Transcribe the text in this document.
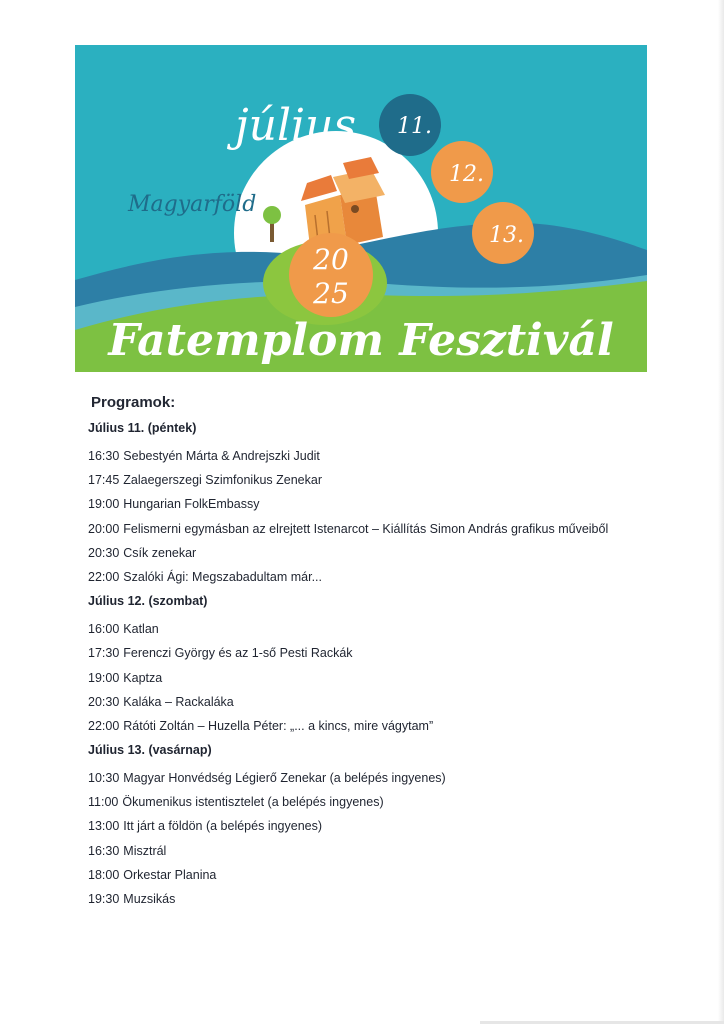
július 11.
12.
13.
Magyarföld
20
25
Fatemplom Fesztivál
Programok:
Július 11. (péntek)
16:30 Sebestyén Márta & Andrejszki Judit
17:45 Zalaegerszegi Szimfonikus Zenekar
19:00 Hungarian FolkEmbassy
20:00 Felismerni egymásban az elrejtett Istenarcot – Kiállítás Simon András grafikus műveiből
20:30 Csík zenekar
22:00 Szalóki Ági: Megszabadultam már...
Július 12. (szombat)
16:00 Katlan
17:30 Ferenczi György és az 1-ső Pesti Rackák
19:00 Kaptza
20:30 Kaláka – Rackaláka
22:00 Rátóti Zoltán – Huzella Péter: „... a kincs, mire vágytam”
Július 13. (vasárnap)
10:30 Magyar Honvédség Légierő Zenekar (a belépés ingyenes)
11:00 Ökumenikus istentisztelet (a belépés ingyenes)
13:00 Itt járt a földön (a belépés ingyenes)
16:30 Misztrál
18:00 Orkestar Planina
19:30 Muzsikás
